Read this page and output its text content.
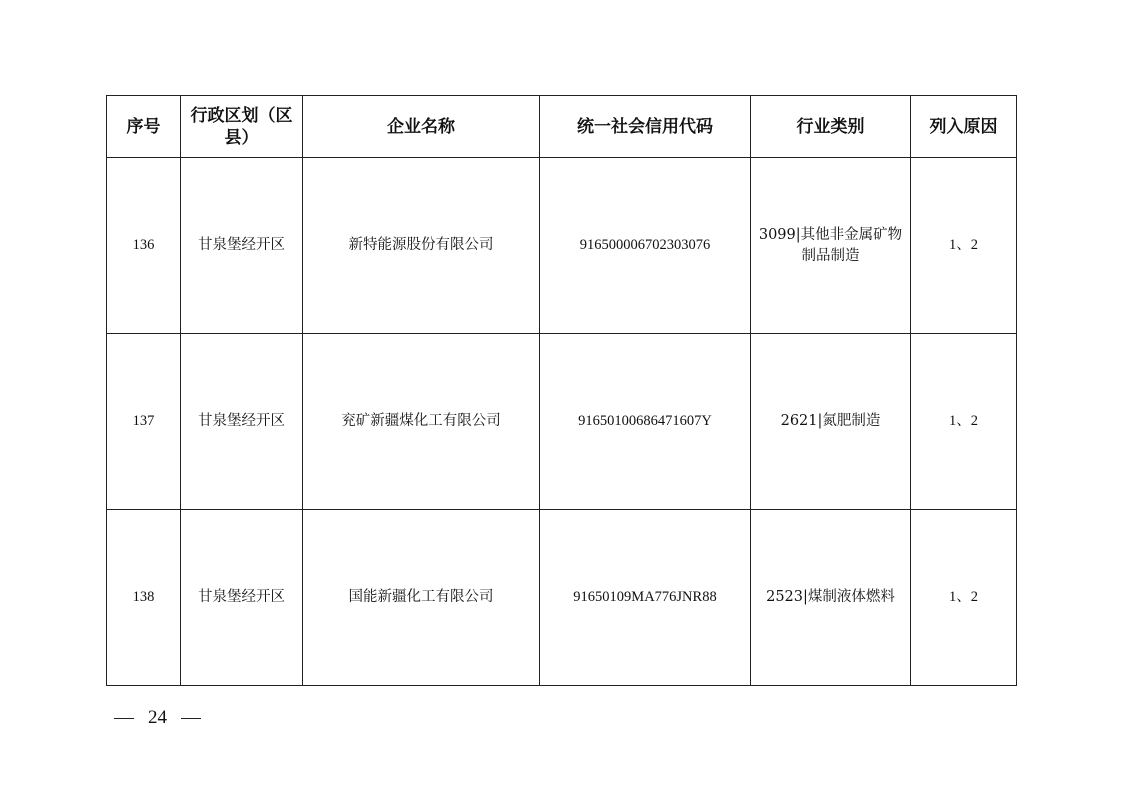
序号	行政区划（区县）	企业名称	统一社会信用代码	行业类别	列入原因
136	甘泉堡经开区	新特能源股份有限公司	916500006702303076	3099|其他非金属矿物制品制造	1、2
137	甘泉堡经开区	兖矿新疆煤化工有限公司	91650100686471607Y	2621|氮肥制造	1、2
138	甘泉堡经开区	国能新疆化工有限公司	91650109MA776JNR88	2523|煤制液体燃料	1、2
24
